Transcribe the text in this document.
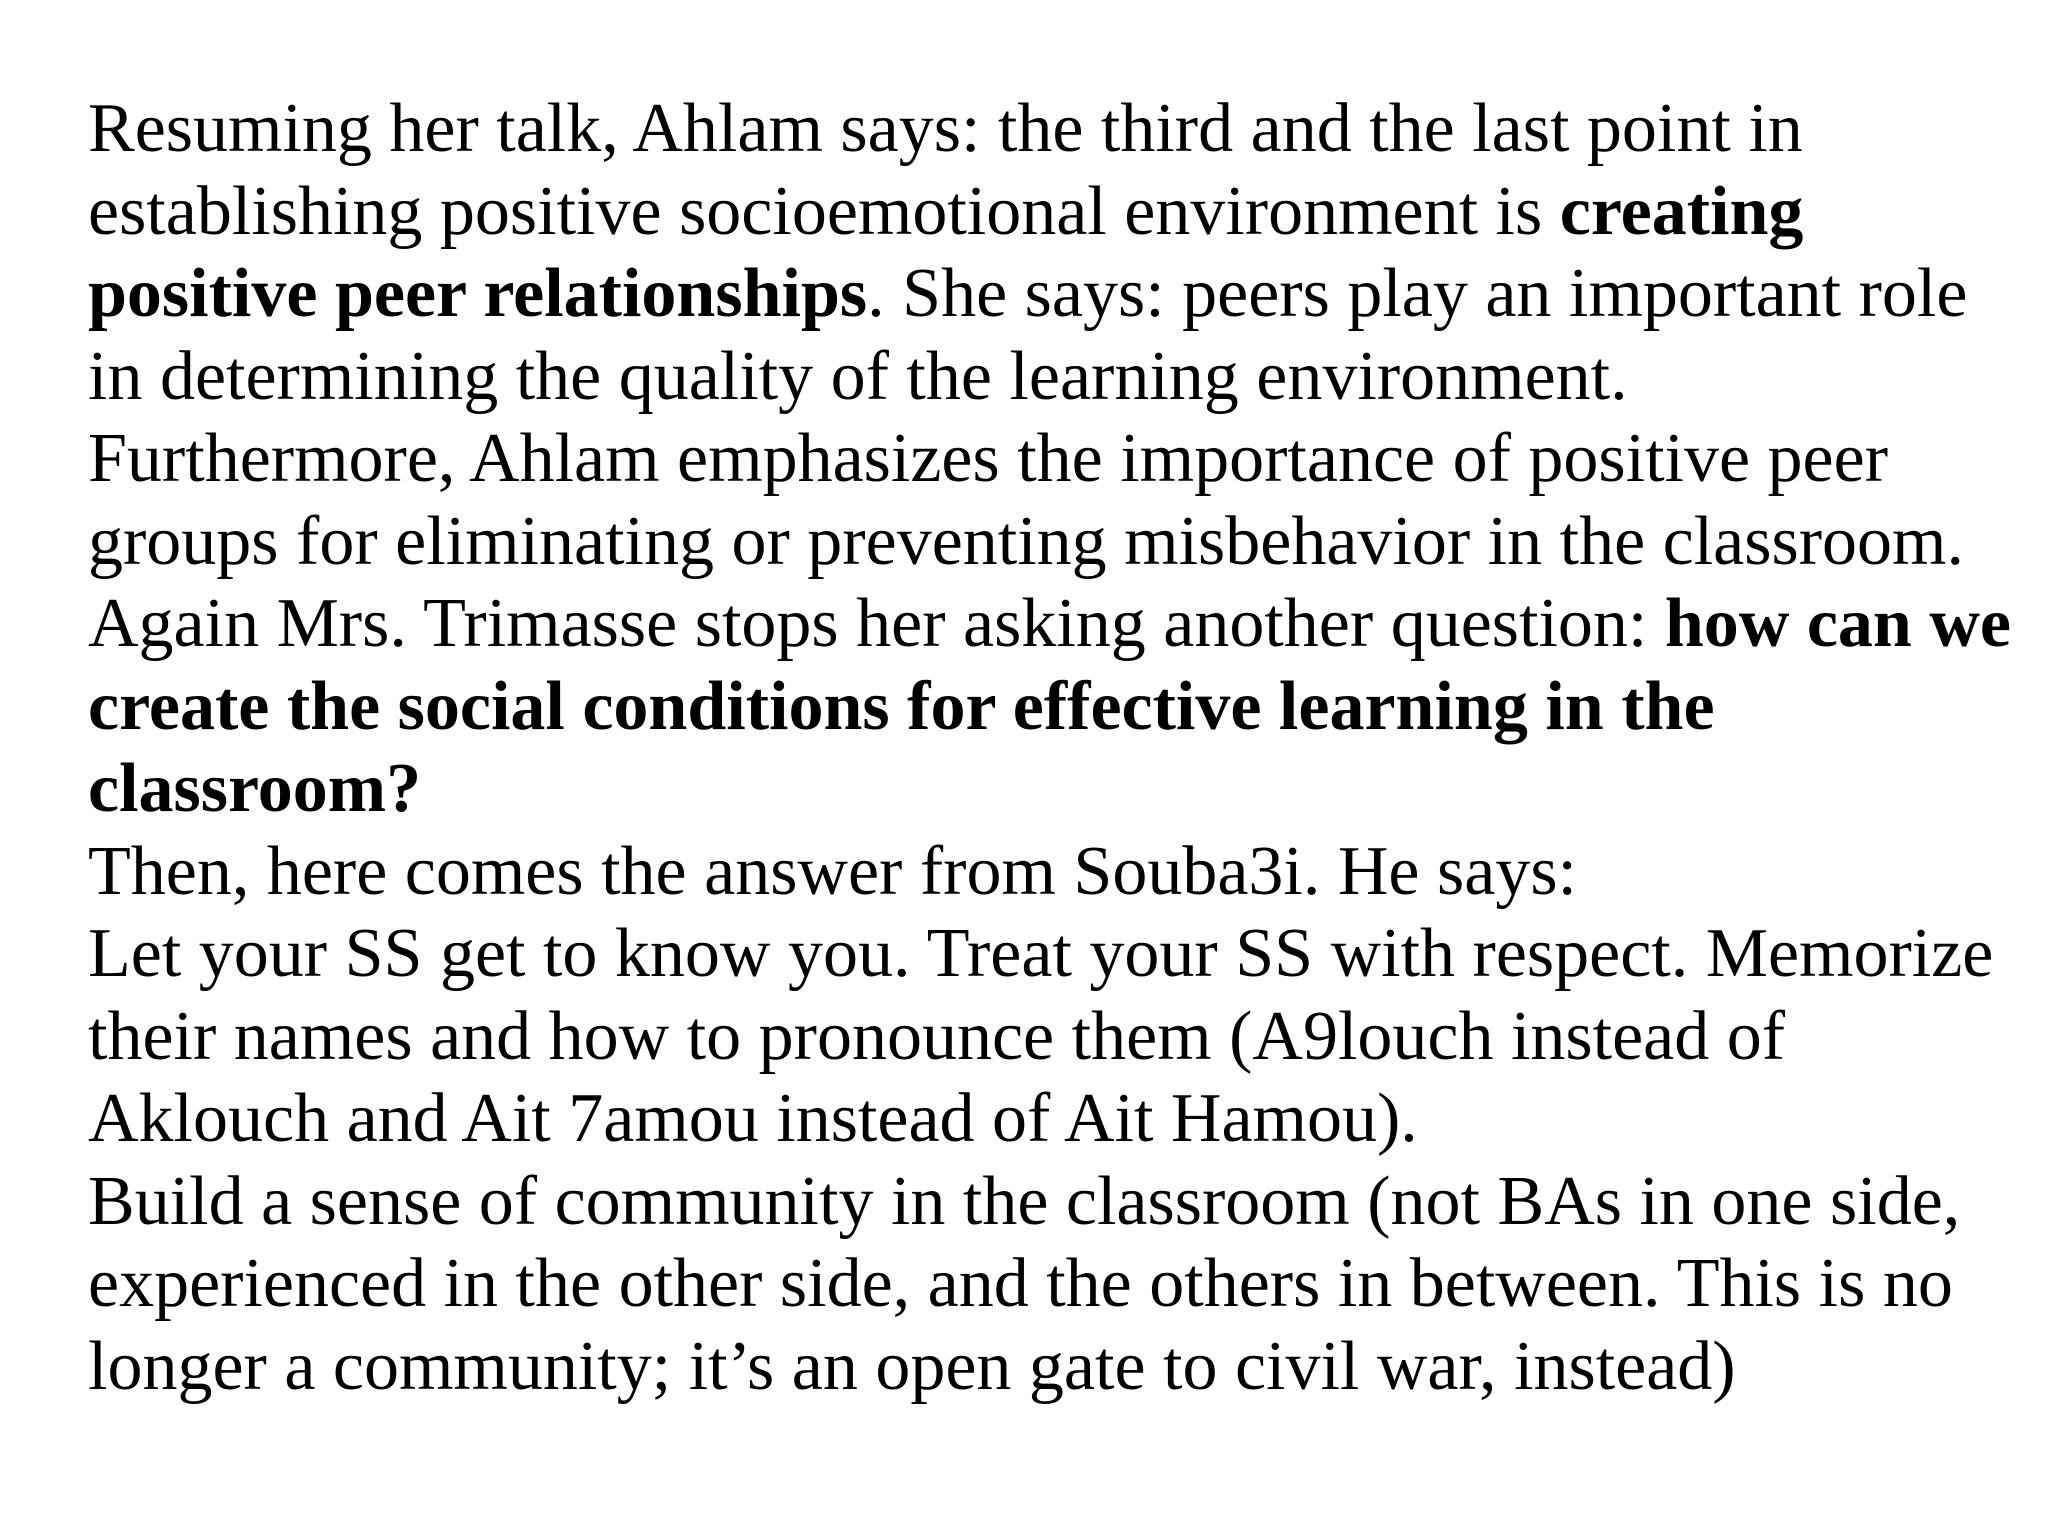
Resuming her talk, Ahlam says: the third and the last point in
establishing positive socioemotional environment is creating
positive peer relationships. She says: peers play an important role
in determining the quality of the learning environment.
Furthermore, Ahlam emphasizes the importance of positive peer
groups for eliminating or preventing misbehavior in the classroom.
Again Mrs. Trimasse stops her asking another question: how can we
create the social conditions for effective learning in the
classroom?
Then, here comes the answer from Souba3i. He says:
Let your SS get to know you. Treat your SS with respect. Memorize
their names and how to pronounce them (A9louch instead of
Aklouch and Ait 7amou instead of Ait Hamou).
Build a sense of community in the classroom (not BAs in one side,
experienced in the other side, and the others in between. This is no
longer a community; it’s an open gate to civil war, instead)
